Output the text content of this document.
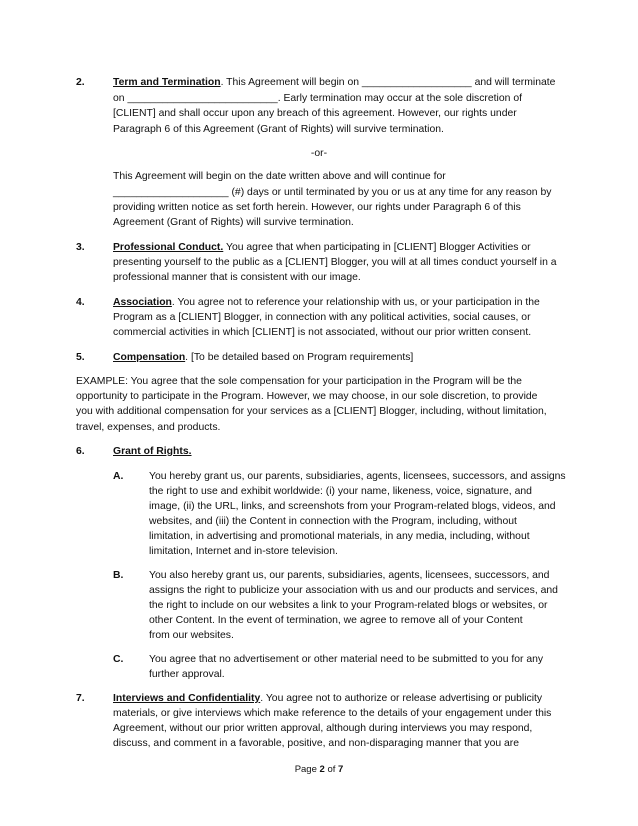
2.	Term and Termination. This Agreement will begin on ___________________ and will terminate
on __________________________. Early termination may occur at the sole discretion of
[CLIENT] and shall occur upon any breach of this agreement. However, our rights under
Paragraph 6 of this Agreement (Grant of Rights) will survive termination.
-or-
This Agreement will begin on the date written above and will continue for
____________________ (#) days or until terminated by you or us at any time for any reason by
providing written notice as set forth herein. However, our rights under Paragraph 6 of this
Agreement (Grant of Rights) will survive termination.
3.	Professional Conduct. You agree that when participating in [CLIENT] Blogger Activities or
presenting yourself to the public as a [CLIENT] Blogger, you will at all times conduct yourself in a
professional manner that is consistent with our image.
4.	Association. You agree not to reference your relationship with us, or your participation in the
Program as a [CLIENT] Blogger, in connection with any political activities, social causes, or
commercial activities in which [CLIENT] is not associated, without our prior written consent.
5.	Compensation. [To be detailed based on Program requirements]
EXAMPLE: You agree that the sole compensation for your participation in the Program will be the
opportunity to participate in the Program. However, we may choose, in our sole discretion, to provide
you with additional compensation for your services as a [CLIENT] Blogger, including, without limitation,
travel, expenses, and products.
6.	Grant of Rights.
A. You hereby grant us, our parents, subsidiaries, agents, licensees, successors, and assigns
the right to use and exhibit worldwide: (i) your name, likeness, voice, signature, and
image, (ii) the URL, links, and screenshots from your Program-related blogs, videos, and
websites, and (iii) the Content in connection with the Program, including, without
limitation, in advertising and promotional materials, in any media, including, without
limitation, Internet and in-store television.
B. You also hereby grant us, our parents, subsidiaries, agents, licensees, successors, and
assigns the right to publicize your association with us and our products and services, and
the right to include on our websites a link to your Program-related blogs or websites, or
other Content. In the event of termination, we agree to remove all of your Content
from our websites.
C. You agree that no advertisement or other material need to be submitted to you for any
further approval.
7.	Interviews and Confidentiality. You agree not to authorize or release advertising or publicity
materials, or give interviews which make reference to the details of your engagement under this
Agreement, without our prior written approval, although during interviews you may respond,
discuss, and comment in a favorable, positive, and non-disparaging manner that you are
Page 2 of 7
